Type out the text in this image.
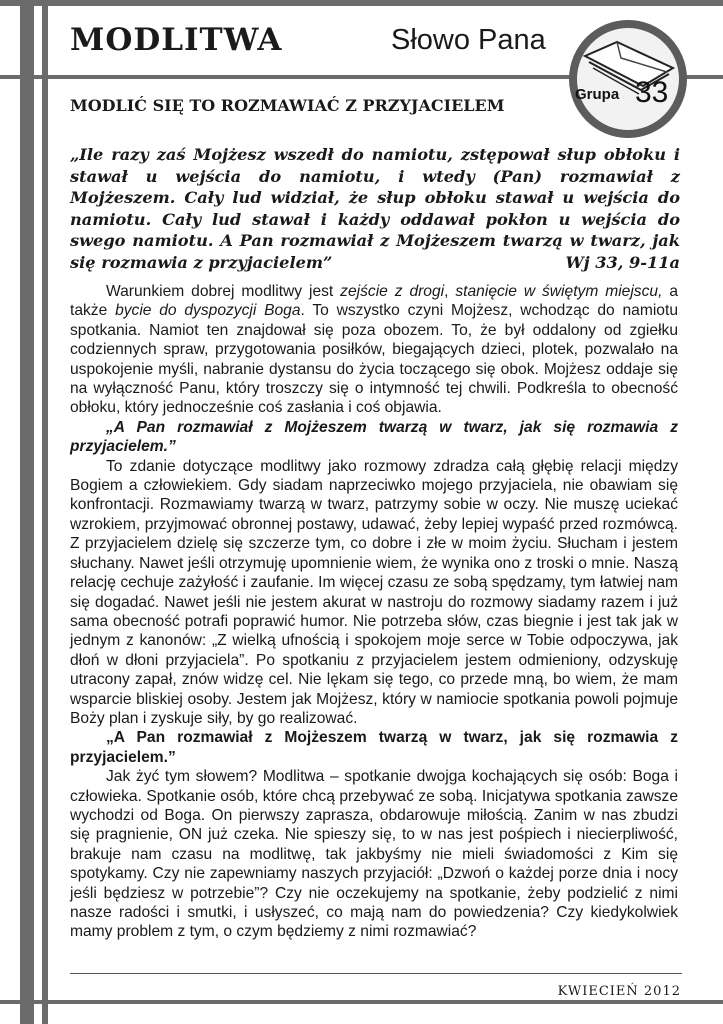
MODLITWA	Słowo Pana
Grupa 33
MODLIĆ SIĘ TO ROZMAWIAĆ Z PRZYJACIELEM
„Ile razy zaś Mojżesz wszedł do namiotu, zstępował słup obłoku i stawał u wejścia do namiotu, i wtedy (Pan) rozmawiał z Mojżeszem. Cały lud widział, że słup obłoku stawał u wejścia do namiotu. Cały lud stawał i każdy oddawał pokłon u wejścia do swego namiotu. A Pan rozmawiał z Mojżeszem twarzą w twarz, jak się rozmawia z przyjacielem”	Wj 33, 9-11a

Warunkiem dobrej modlitwy jest zejście z drogi, stanięcie w świętym miejscu, a także bycie do dyspozycji Boga. To wszystko czyni Mojżesz, wchodząc do namiotu spotkania. Namiot ten znajdował się poza obozem. To, że był oddalony od zgiełku codziennych spraw, przygotowania posiłków, biegających dzieci, plotek, pozwalało na uspokojenie myśli, nabranie dystansu do życia toczącego się obok. Mojżesz oddaje się na wyłączność Panu, który troszczy się o intymność tej chwili. Podkreśla to obecność obłoku, który jednocześnie coś zasłania i coś objawia.

„A Pan rozmawiał z Mojżeszem twarzą w twarz, jak się rozmawia z przyjacielem.”

To zdanie dotyczące modlitwy jako rozmowy zdradza całą głębię relacji między Bogiem a człowiekiem. Gdy siadam naprzeciwko mojego przyjaciela, nie obawiam się konfrontacji. Rozmawiamy twarzą w twarz, patrzymy sobie w oczy. Nie muszę uciekać wzrokiem, przyjmować obronnej postawy, udawać, żeby lepiej wypaść przed rozmówcą. Z przyjacielem dzielę się szczerze tym, co dobre i złe w moim życiu. Słucham i jestem słuchany. Nawet jeśli otrzymuję upomnienie wiem, że wynika ono z troski o mnie. Naszą relację cechuje zażyłość i zaufanie. Im więcej czasu ze sobą spędzamy, tym łatwiej nam się dogadać. Nawet jeśli nie jestem akurat w nastroju do rozmowy siadamy razem i już sama obecność potrafi poprawić humor. Nie potrzeba słów, czas biegnie i jest tak jak w jednym z kanonów: „Z wielką ufnością i spokojem moje serce w Tobie odpoczywa, jak dłoń w dłoni przyjaciela”. Po spotkaniu z przyjacielem jestem odmieniony, odzyskuję utracony zapał, znów widzę cel. Nie lękam się tego, co przede mną, bo wiem, że mam wsparcie bliskiej osoby. Jestem jak Mojżesz, który w namiocie spotkania powoli pojmuje Boży plan i zyskuje siły, by go realizować.

„A Pan rozmawiał z Mojżeszem twarzą w twarz, jak się rozmawia z przyjacielem.”

Jak żyć tym słowem? Modlitwa – spotkanie dwojga kochających się osób: Boga i człowieka. Spotkanie osób, które chcą przebywać ze sobą. Inicjatywa spotkania zawsze wychodzi od Boga. On pierwszy zaprasza, obdarowuje miłością. Zanim w nas zbudzi się pragnienie, ON już czeka. Nie spieszy się, to w nas jest pośpiech i niecierpliwość, brakuje nam czasu na modlitwę, tak jakbyśmy nie mieli świadomości z Kim się spotykamy. Czy nie zapewniamy naszych przyjaciół: „Dzwoń o każdej porze dnia i nocy jeśli będziesz w potrzebie”? Czy nie oczekujemy na spotkanie, żeby podzielić z nimi nasze radości i smutki, i usłyszeć, co mają nam do powiedzenia? Czy kiedykolwiek mamy problem z tym, o czym będziemy z nimi rozmawiać?

KWIECIEŃ 2012
